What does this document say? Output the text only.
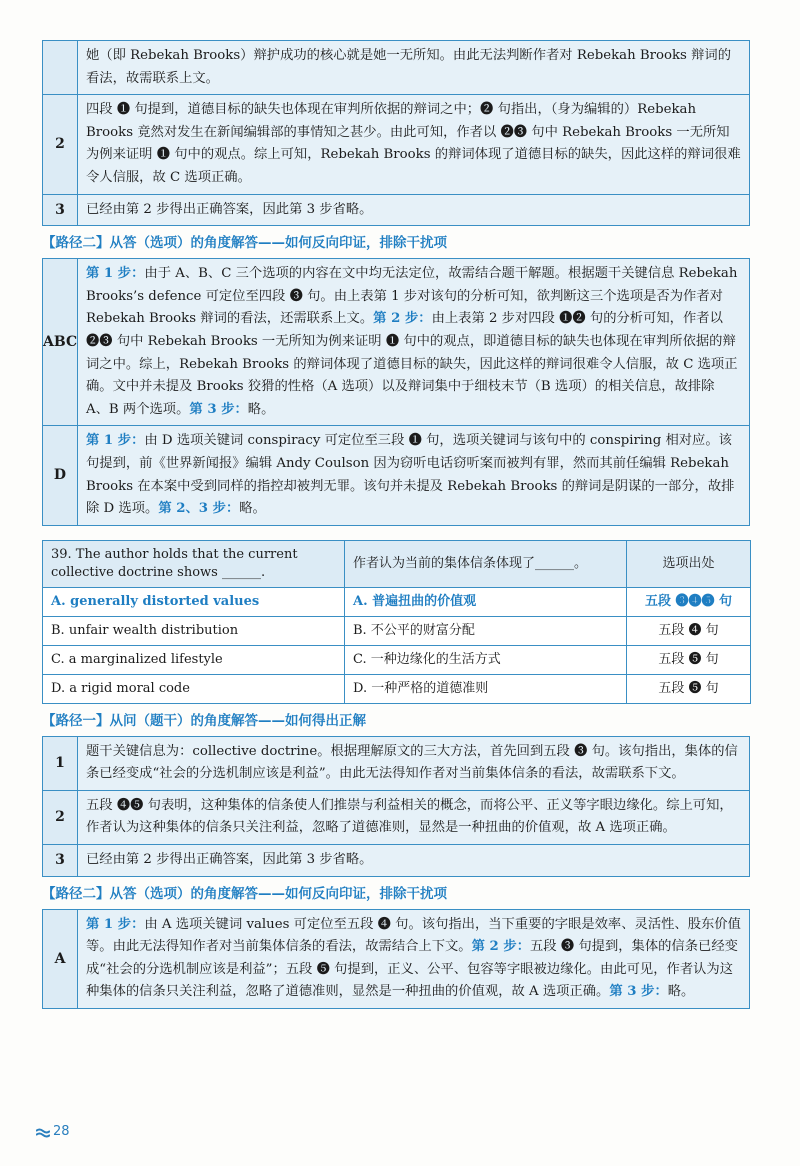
	她（即 Rebekah Brooks）辩护成功的核心就是她一无所知。由此无法判断作者对 Rebekah Brooks 辩词的看法，故需联系上文。
2	四段 ❶ 句提到，道德目标的缺失也体现在审判所依据的辩词之中；❷ 句指出，（身为编辑的）Rebekah Brooks 竟然对发生在新闻编辑部的事情知之甚少。由此可知，作者以 ❷❸ 句中 Rebekah Brooks 一无所知为例来证明 ❶ 句中的观点。综上可知，Rebekah Brooks 的辩词体现了道德目标的缺失，因此这样的辩词很难令人信服，故 C 选项正确。
3	已经由第 2 步得出正确答案，因此第 3 步省略。
【路径二】从答（选项）的角度解答——如何反向印证，排除干扰项
ABC	第 1 步：由于 A、B、C 三个选项的内容在文中均无法定位，故需结合题干解题。根据题干关键信息 Rebekah Brooks’s defence 可定位至四段 ❸ 句。由上表第 1 步对该句的分析可知，欲判断这三个选项是否为作者对 Rebekah Brooks 辩词的看法，还需联系上文。第 2 步：由上表第 2 步对四段 ❶❷ 句的分析可知，作者以 ❷❸ 句中 Rebekah Brooks 一无所知为例来证明 ❶ 句中的观点，即道德目标的缺失也体现在审判所依据的辩词之中。综上，Rebekah Brooks 的辩词体现了道德目标的缺失，因此这样的辩词很难令人信服，故 C 选项正确。文中并未提及 Brooks 狡猾的性格（A 选项）以及辩词集中于细枝末节（B 选项）的相关信息，故排除 A、B 两个选项。第 3 步：略。
D	第 1 步：由 D 选项关键词 conspiracy 可定位至三段 ❶ 句，选项关键词与该句中的 conspiring 相对应。该句提到，前《世界新闻报》编辑 Andy Coulson 因为窃听电话窃听案而被判有罪，然而其前任编辑 Rebekah Brooks 在本案中受到同样的指控却被判无罪。该句并未提及 Rebekah Brooks 的辩词是阴谋的一部分，故排除 D 选项。第 2、3 步：略。
39. The author holds that the current collective doctrine shows ______.	作者认为当前的集体信条体现了______。	选项出处
A. generally distorted values	A. 普遍扭曲的价值观	五段 ❸❹❺ 句
B. unfair wealth distribution	B. 不公平的财富分配	五段 ❹ 句
C. a marginalized lifestyle	C. 一种边缘化的生活方式	五段 ❺ 句
D. a rigid moral code	D. 一种严格的道德准则	五段 ❺ 句
【路径一】从问（题干）的角度解答——如何得出正解
1	题干关键信息为：collective doctrine。根据理解原文的三大方法，首先回到五段 ❸ 句。该句指出，集体的信条已经变成“社会的分选机制应该是利益”。由此无法得知作者对当前集体信条的看法，故需联系下文。
2	五段 ❹❺ 句表明，这种集体的信条使人们推崇与利益相关的概念，而将公平、正义等字眼边缘化。综上可知，作者认为这种集体的信条只关注利益，忽略了道德准则，显然是一种扭曲的价值观，故 A 选项正确。
3	已经由第 2 步得出正确答案，因此第 3 步省略。
【路径二】从答（选项）的角度解答——如何反向印证，排除干扰项
A	第 1 步：由 A 选项关键词 values 可定位至五段 ❹ 句。该句指出，当下重要的字眼是效率、灵活性、股东价值等。由此无法得知作者对当前集体信条的看法，故需结合上下文。第 2 步：五段 ❸ 句提到，集体的信条已经变成“社会的分选机制应该是利益”；五段 ❺ 句提到，正义、公平、包容等字眼被边缘化。由此可见，作者认为这种集体的信条只关注利益，忽略了道德准则，显然是一种扭曲的价值观，故 A 选项正确。第 3 步：略。
28
